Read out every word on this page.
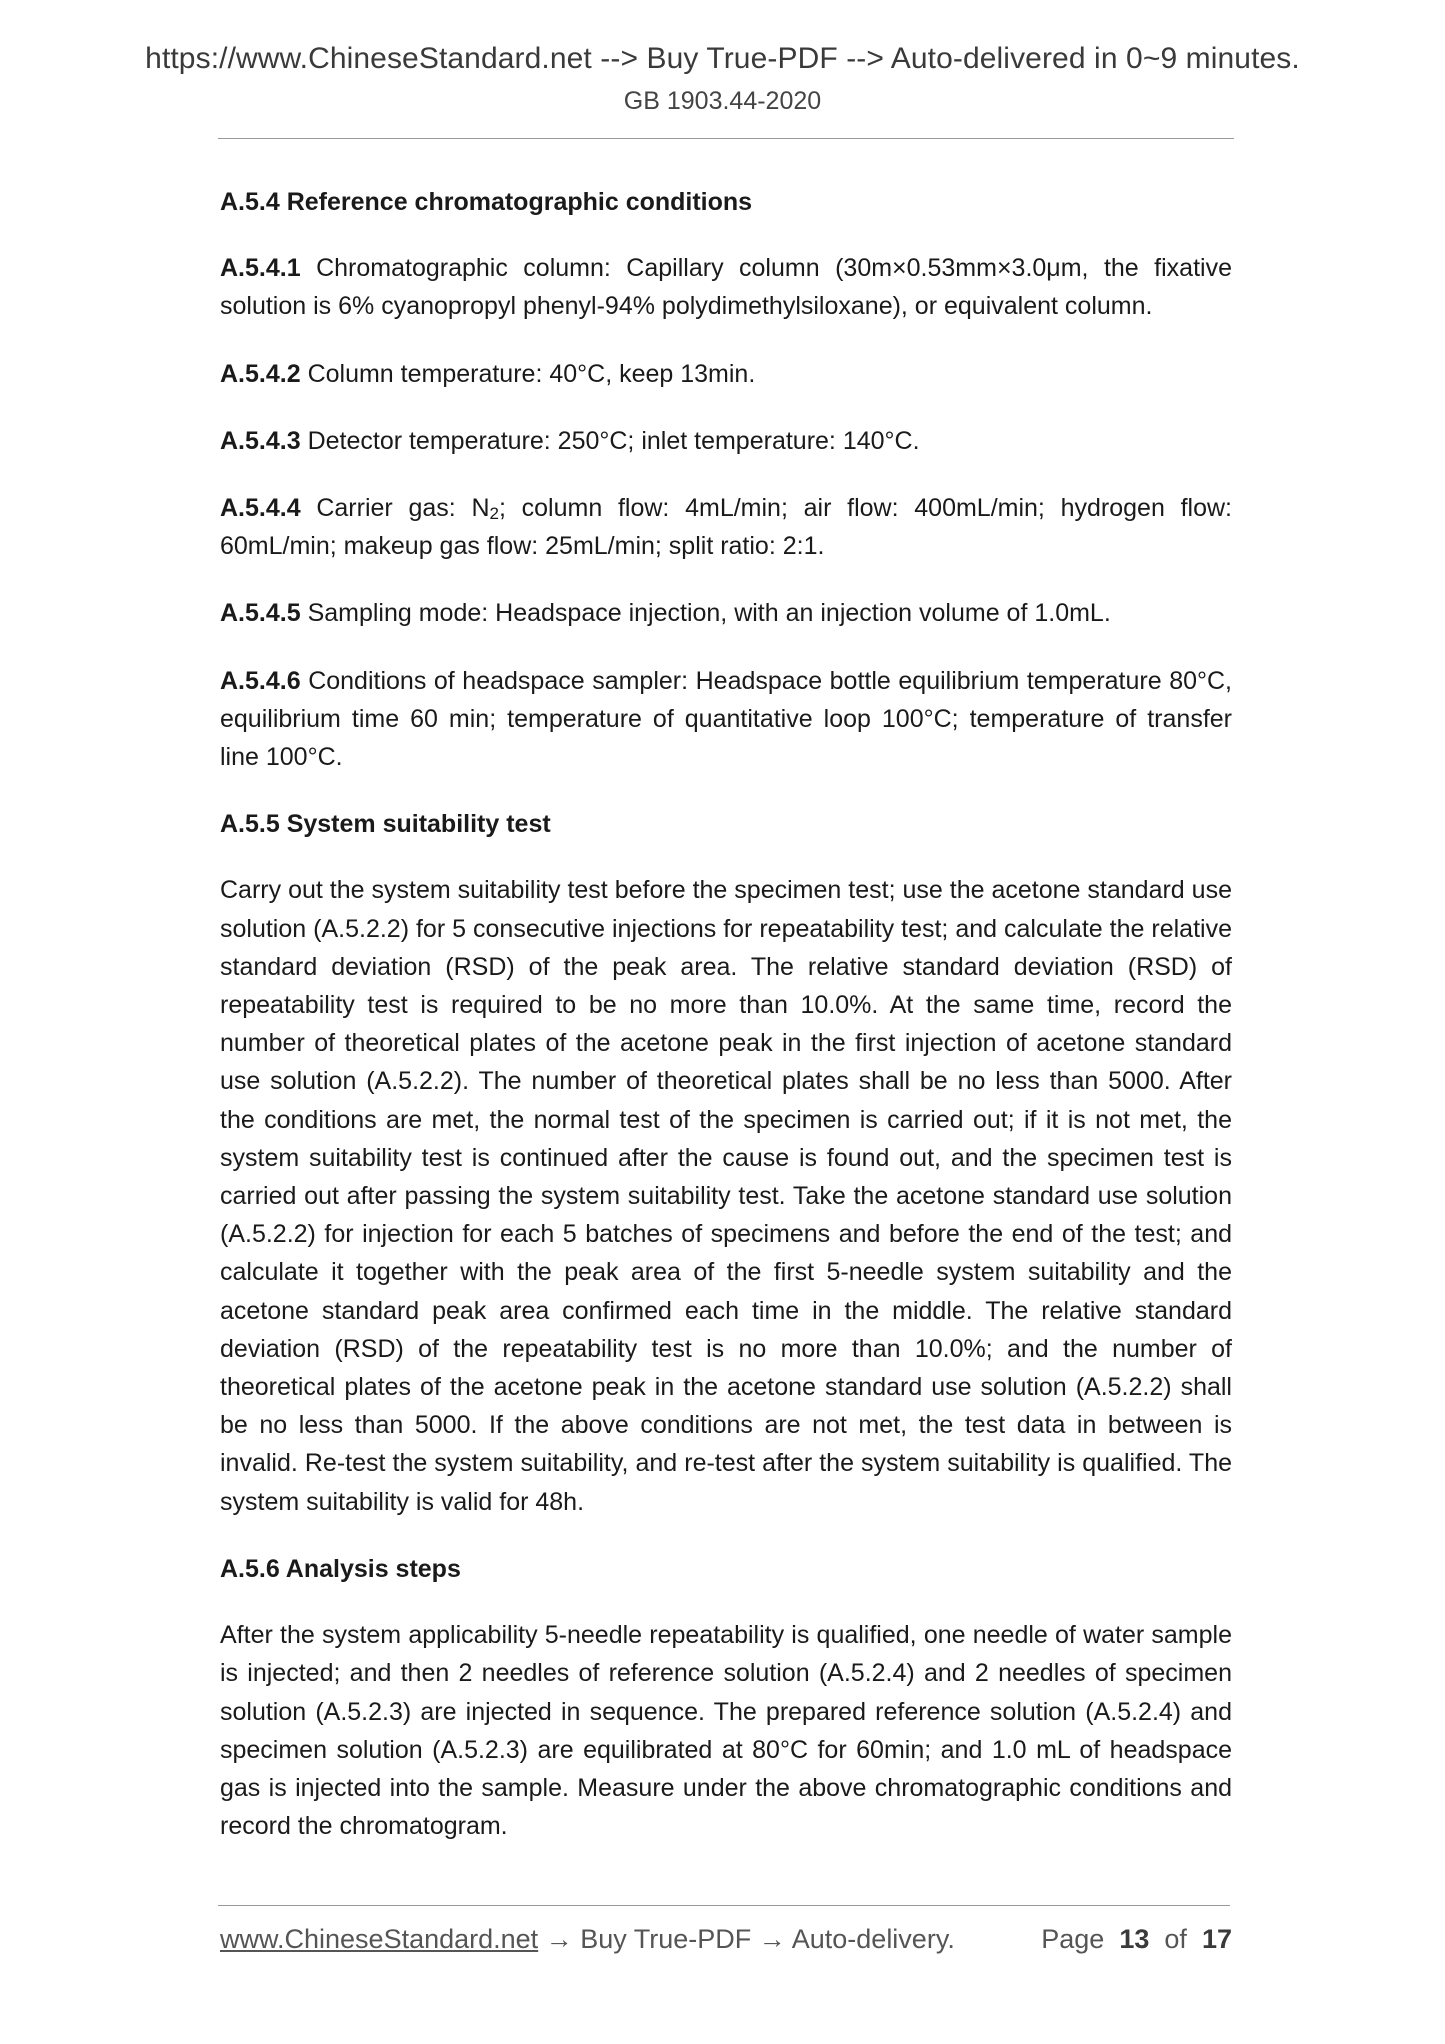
https://www.ChineseStandard.net --> Buy True-PDF --> Auto-delivered in 0~9 minutes.
GB 1903.44-2020
A.5.4 Reference chromatographic conditions
A.5.4.1 Chromatographic column: Capillary column (30m×0.53mm×3.0μm, the fixative solution is 6% cyanopropyl phenyl-94% polydimethylsiloxane), or equivalent column.
A.5.4.2 Column temperature: 40°C, keep 13min.
A.5.4.3 Detector temperature: 250°C; inlet temperature: 140°C.
A.5.4.4 Carrier gas: $N_2$; column flow: 4mL/min; air flow: 400mL/min; hydrogen flow: 60mL/min; makeup gas flow: 25mL/min; split ratio: 2:1.
A.5.4.5 Sampling mode: Headspace injection, with an injection volume of 1.0mL.
A.5.4.6 Conditions of headspace sampler: Headspace bottle equilibrium temperature 80°C, equilibrium time 60 min; temperature of quantitative loop 100°C; temperature of transfer line 100°C.
A.5.5 System suitability test
Carry out the system suitability test before the specimen test; use the acetone standard use solution (A.5.2.2) for 5 consecutive injections for repeatability test; and calculate the relative standard deviation (RSD) of the peak area. The relative standard deviation (RSD) of repeatability test is required to be no more than 10.0%. At the same time, record the number of theoretical plates of the acetone peak in the first injection of acetone standard use solution (A.5.2.2). The number of theoretical plates shall be no less than 5000. After the conditions are met, the normal test of the specimen is carried out; if it is not met, the system suitability test is continued after the cause is found out, and the specimen test is carried out after passing the system suitability test. Take the acetone standard use solution (A.5.2.2) for injection for each 5 batches of specimens and before the end of the test; and calculate it together with the peak area of the first 5-needle system suitability and the acetone standard peak area confirmed each time in the middle. The relative standard deviation (RSD) of the repeatability test is no more than 10.0%; and the number of theoretical plates of the acetone peak in the acetone standard use solution (A.5.2.2) shall be no less than 5000. If the above conditions are not met, the test data in between is invalid. Re-test the system suitability, and re-test after the system suitability is qualified. The system suitability is valid for 48h.
A.5.6 Analysis steps
After the system applicability 5-needle repeatability is qualified, one needle of water sample is injected; and then 2 needles of reference solution (A.5.2.4) and 2 needles of specimen solution (A.5.2.3) are injected in sequence. The prepared reference solution (A.5.2.4) and specimen solution (A.5.2.3) are equilibrated at 80°C for 60min; and 1.0 mL of headspace gas is injected into the sample. Measure under the above chromatographic conditions and record the chromatogram.
www.ChineseStandard.net → Buy True-PDF → Auto-delivery.	Page 13 of 17
